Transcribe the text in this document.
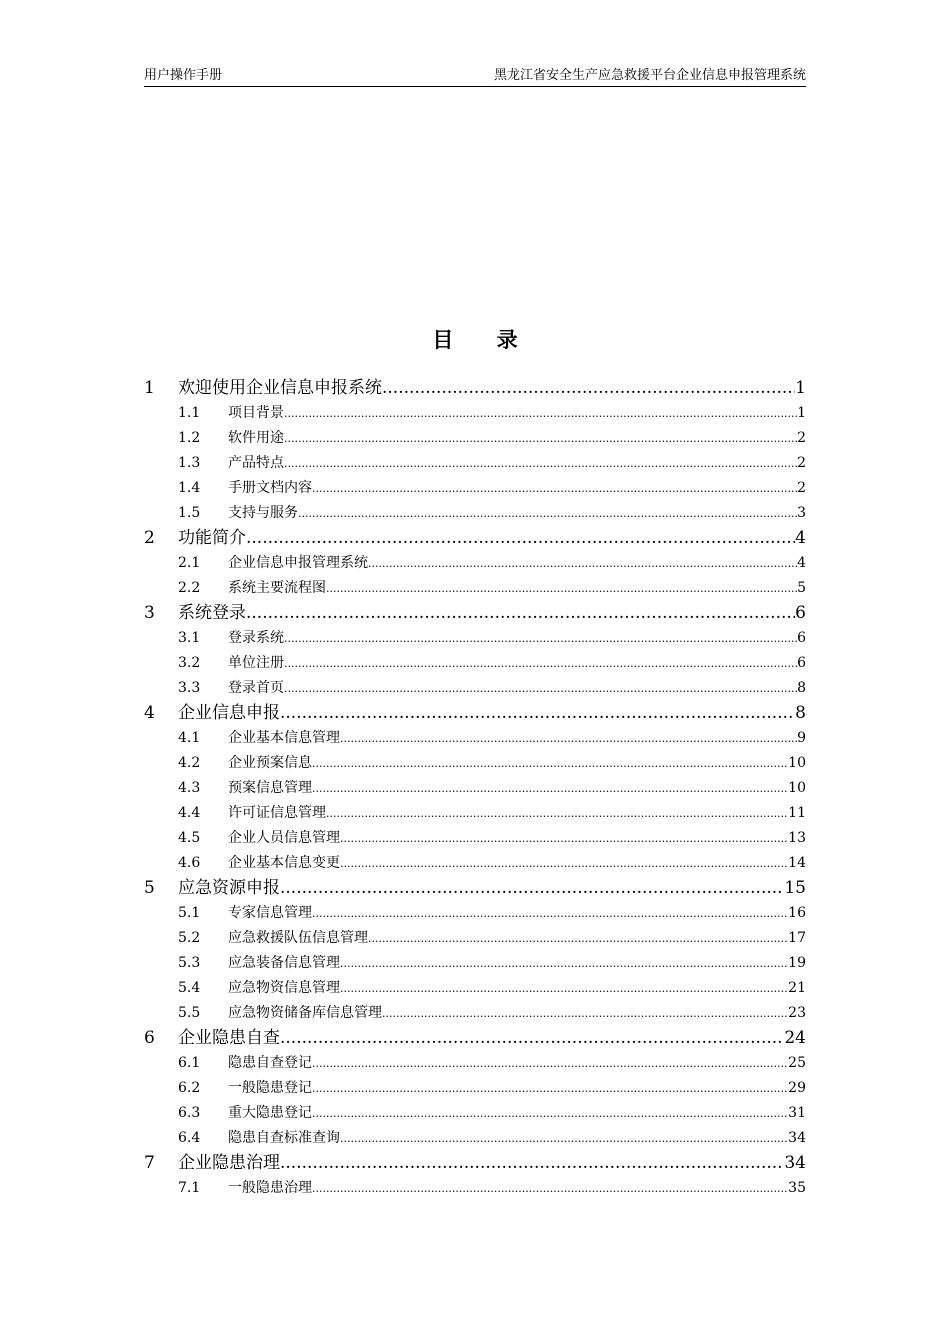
用户操作手册	黑龙江省安全生产应急救援平台企业信息申报管理系统
目 录
1	欢迎使用企业信息申报系统 .....	1
1.1	项目背景 .....	1
1.2	软件用途 .....	2
1.3	产品特点 .....	2
1.4	手册文档内容 .....	2
1.5	支持与服务 .....	3
2	功能简介 .....	4
2.1	企业信息申报管理系统 .....	4
2.2	系统主要流程图 .....	5
3	系统登录 .....	6
3.1	登录系统 .....	6
3.2	单位注册 .....	6
3.3	登录首页 .....	8
4	企业信息申报 .....	8
4.1	企业基本信息管理 .....	9
4.2	企业预案信息 .....	10
4.3	预案信息管理 .....	10
4.4	许可证信息管理 .....	11
4.5	企业人员信息管理 .....	13
4.6	企业基本信息变更 .....	14
5	应急资源申报 .....	15
5.1	专家信息管理 .....	16
5.2	应急救援队伍信息管理 .....	17
5.3	应急装备信息管理 .....	19
5.4	应急物资信息管理 .....	21
5.5	应急物资储备库信息管理 .....	23
6	企业隐患自查 .....	24
6.1	隐患自查登记 .....	25
6.2	一般隐患登记 .....	29
6.3	重大隐患登记 .....	31
6.4	隐患自查标准查询 .....	34
7	企业隐患治理 .....	34
7.1	一般隐患治理 .....	35
